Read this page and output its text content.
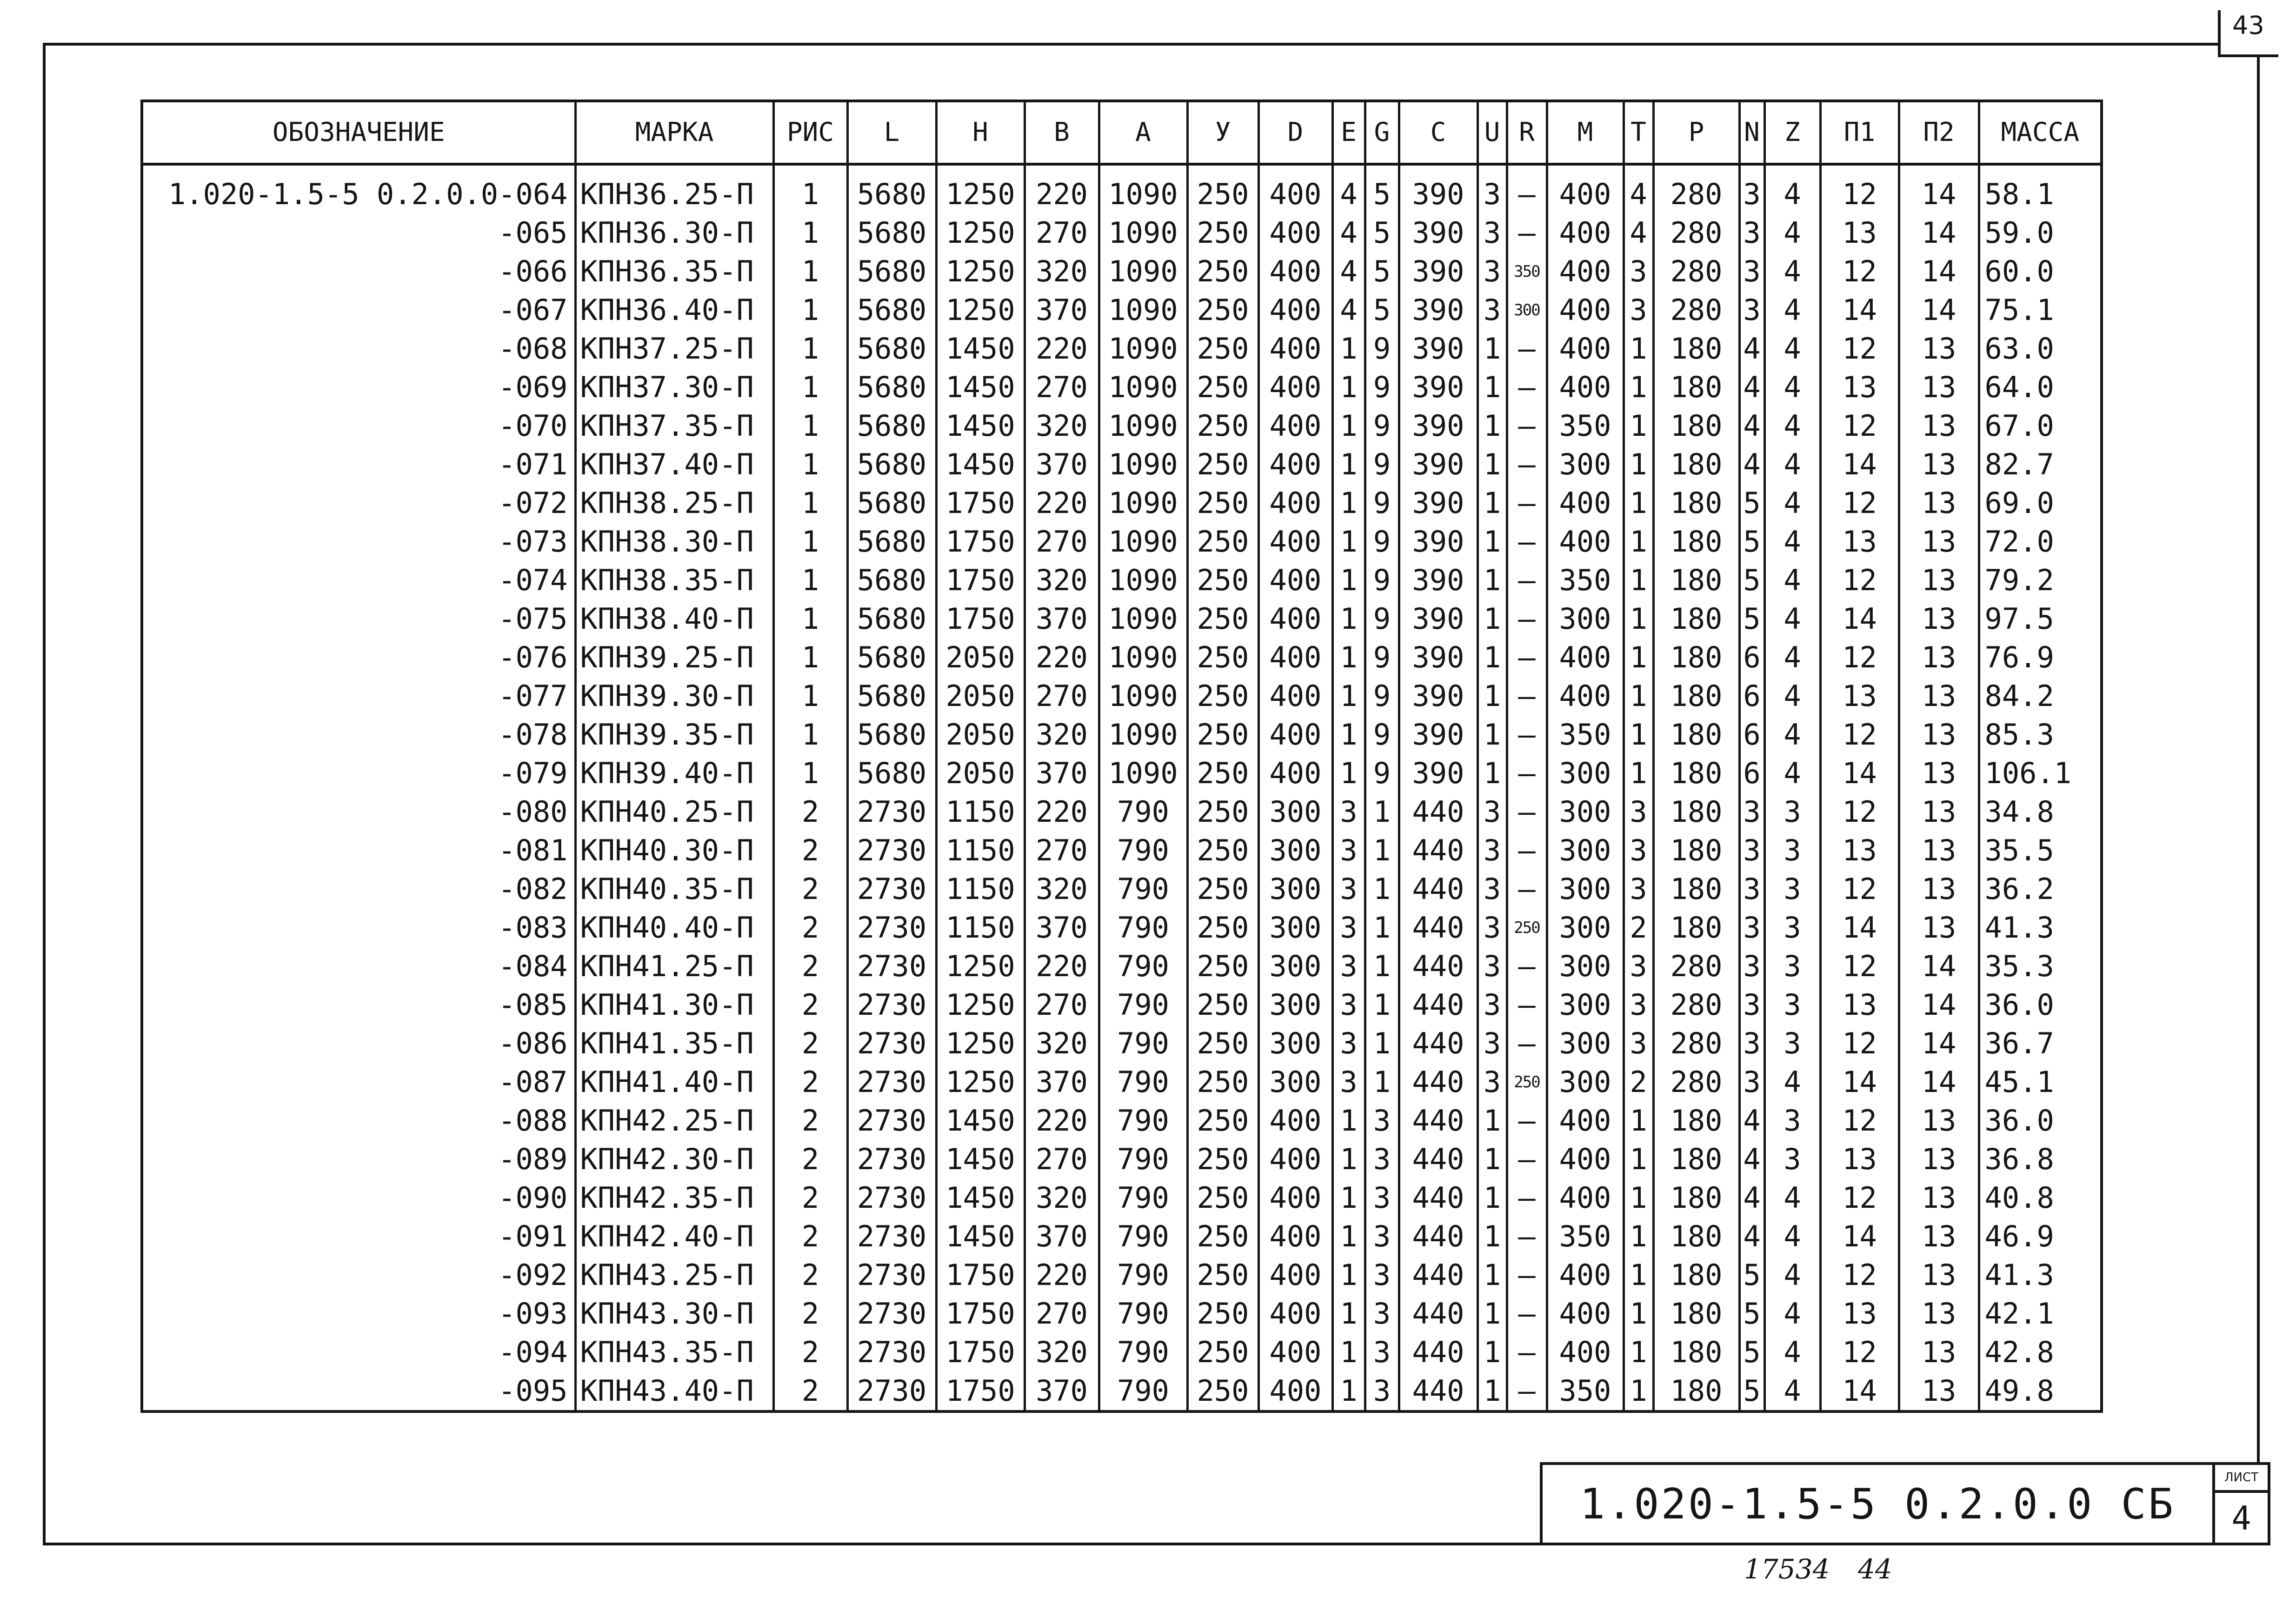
43
ОБОЗНАЧЕНИЕ	МАРКА	РИС	L	H	B	A	У	D	E	G	C	U	R	M	T	P	N	Z	П1	П2	МАССА

1.020-1.5-5 0.2.0.0-064	КПН36.25-П	1	5680	1250	220	1090	250	400	4	5	390	3	–	400	4	280	3	4	12	14	58.1
-065	КПН36.30-П	1	5680	1250	270	1090	250	400	4	5	390	3	–	400	4	280	3	4	13	14	59.0
-066	КПН36.35-П	1	5680	1250	320	1090	250	400	4	5	390	3	350	400	3	280	3	4	12	14	60.0
-067	КПН36.40-П	1	5680	1250	370	1090	250	400	4	5	390	3	300	400	3	280	3	4	14	14	75.1
-068	КПН37.25-П	1	5680	1450	220	1090	250	400	1	9	390	1	–	400	1	180	4	4	12	13	63.0
-069	КПН37.30-П	1	5680	1450	270	1090	250	400	1	9	390	1	–	400	1	180	4	4	13	13	64.0
-070	КПН37.35-П	1	5680	1450	320	1090	250	400	1	9	390	1	–	350	1	180	4	4	12	13	67.0
-071	КПН37.40-П	1	5680	1450	370	1090	250	400	1	9	390	1	–	300	1	180	4	4	14	13	82.7
-072	КПН38.25-П	1	5680	1750	220	1090	250	400	1	9	390	1	–	400	1	180	5	4	12	13	69.0
-073	КПН38.30-П	1	5680	1750	270	1090	250	400	1	9	390	1	–	400	1	180	5	4	13	13	72.0
-074	КПН38.35-П	1	5680	1750	320	1090	250	400	1	9	390	1	–	350	1	180	5	4	12	13	79.2
-075	КПН38.40-П	1	5680	1750	370	1090	250	400	1	9	390	1	–	300	1	180	5	4	14	13	97.5
-076	КПН39.25-П	1	5680	2050	220	1090	250	400	1	9	390	1	–	400	1	180	6	4	12	13	76.9
-077	КПН39.30-П	1	5680	2050	270	1090	250	400	1	9	390	1	–	400	1	180	6	4	13	13	84.2
-078	КПН39.35-П	1	5680	2050	320	1090	250	400	1	9	390	1	–	350	1	180	6	4	12	13	85.3
-079	КПН39.40-П	1	5680	2050	370	1090	250	400	1	9	390	1	–	300	1	180	6	4	14	13	106.1
-080	КПН40.25-П	2	2730	1150	220	790	250	300	3	1	440	3	–	300	3	180	3	3	12	13	34.8
-081	КПН40.30-П	2	2730	1150	270	790	250	300	3	1	440	3	–	300	3	180	3	3	13	13	35.5
-082	КПН40.35-П	2	2730	1150	320	790	250	300	3	1	440	3	–	300	3	180	3	3	12	13	36.2
-083	КПН40.40-П	2	2730	1150	370	790	250	300	3	1	440	3	250	300	2	180	3	3	14	13	41.3
-084	КПН41.25-П	2	2730	1250	220	790	250	300	3	1	440	3	–	300	3	280	3	3	12	14	35.3
-085	КПН41.30-П	2	2730	1250	270	790	250	300	3	1	440	3	–	300	3	280	3	3	13	14	36.0
-086	КПН41.35-П	2	2730	1250	320	790	250	300	3	1	440	3	–	300	3	280	3	3	12	14	36.7
-087	КПН41.40-П	2	2730	1250	370	790	250	300	3	1	440	3	250	300	2	280	3	4	14	14	45.1
-088	КПН42.25-П	2	2730	1450	220	790	250	400	1	3	440	1	–	400	1	180	4	3	12	13	36.0
-089	КПН42.30-П	2	2730	1450	270	790	250	400	1	3	440	1	–	400	1	180	4	3	13	13	36.8
-090	КПН42.35-П	2	2730	1450	320	790	250	400	1	3	440	1	–	400	1	180	4	4	12	13	40.8
-091	КПН42.40-П	2	2730	1450	370	790	250	400	1	3	440	1	–	350	1	180	4	4	14	13	46.9
-092	КПН43.25-П	2	2730	1750	220	790	250	400	1	3	440	1	–	400	1	180	5	4	12	13	41.3
-093	КПН43.30-П	2	2730	1750	270	790	250	400	1	3	440	1	–	400	1	180	5	4	13	13	42.1
-094	КПН43.35-П	2	2730	1750	320	790	250	400	1	3	440	1	–	400	1	180	5	4	12	13	42.8
-095	КПН43.40-П	2	2730	1750	370	790	250	400	1	3	440	1	–	350	1	180	5	4	14	13	49.8
1.020-1.5-5 0.2.0.0 СБ
ЛИСТ
4
17534 44
